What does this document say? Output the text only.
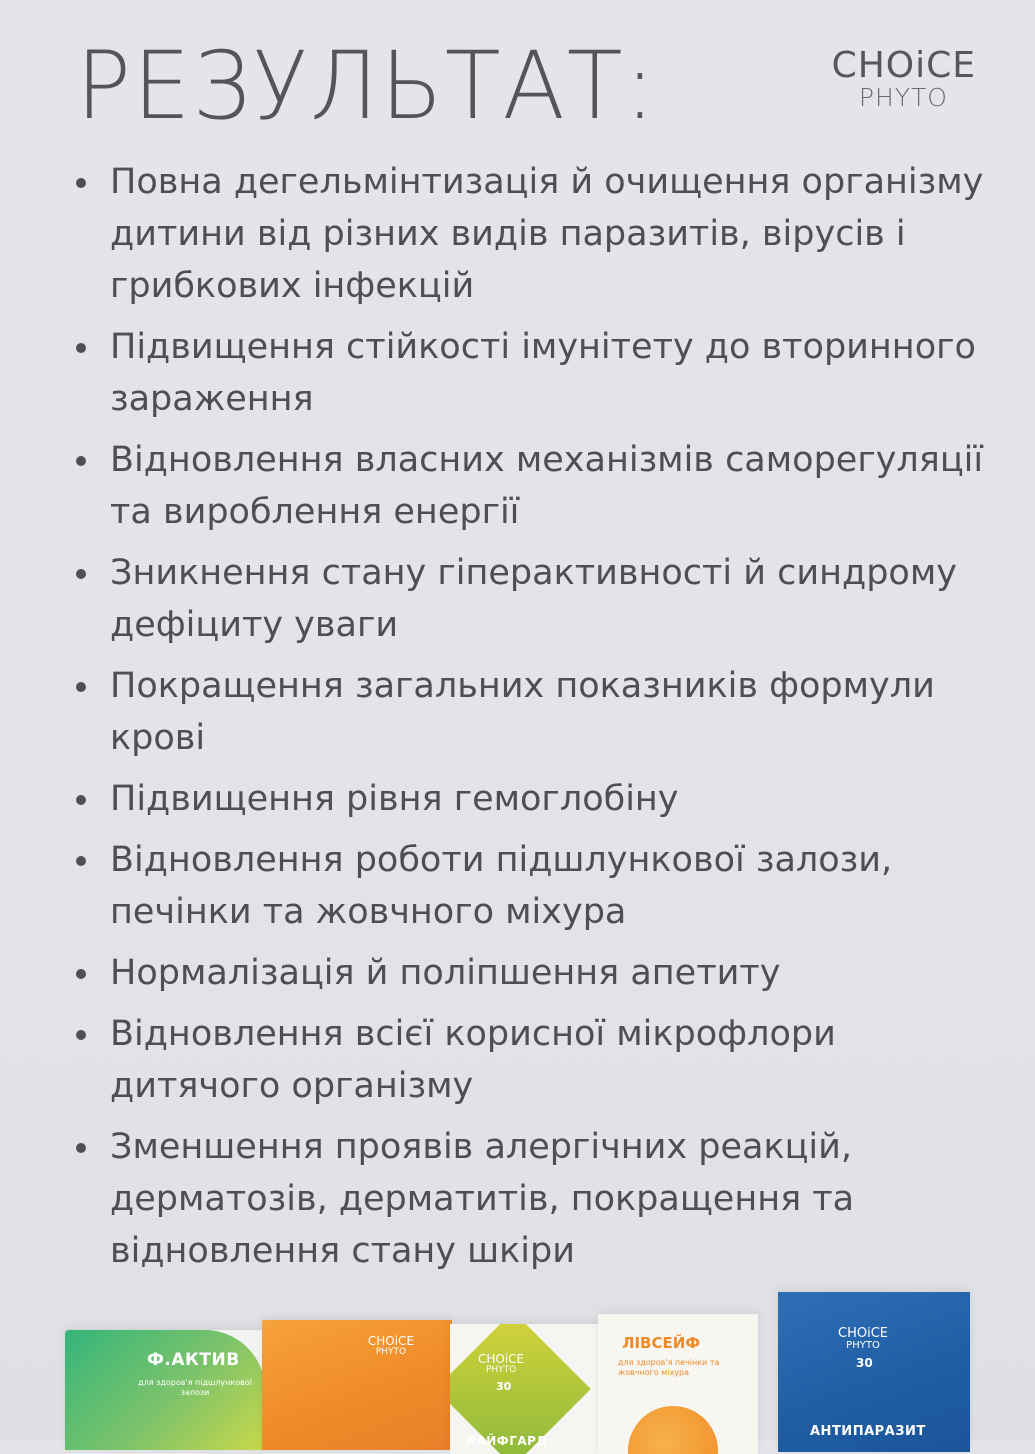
РЕЗУЛЬТАТ:	CHOiCE
PHYTO
Повна дегельмінтизація й очищення організму дитини від різних видів паразитів, вірусів і грибкових інфекцій
Підвищення стійкості імунітету до вторинного зараження
Відновлення власних механізмів саморегуляції та вироблення енергії
Зникнення стану гіперактивності й синдрому дефіциту уваги
Покращення загальних показників формули крові
Підвищення рівня гемоглобіну
Відновлення роботи підшлункової залози, печінки та жовчного міхура
Нормалізація й поліпшення апетиту
Відновлення всієї корисної мікрофлори дитячого організму
Зменшення проявів алергічних реакцій, дерматозів, дерматитів, покращення та відновлення стану шкіри
Ф.АКТИВ
для здоров'я підшлункової залози
CHOiCE
PHYTO	CHOiCE
PHYTO
30
ЛАЙФГАРД
ЛІВСЕЙФ
для здоров'я печінки та жовчного міхура
CHOiCE
PHYTO
30
АНТИПАРАЗИТ
